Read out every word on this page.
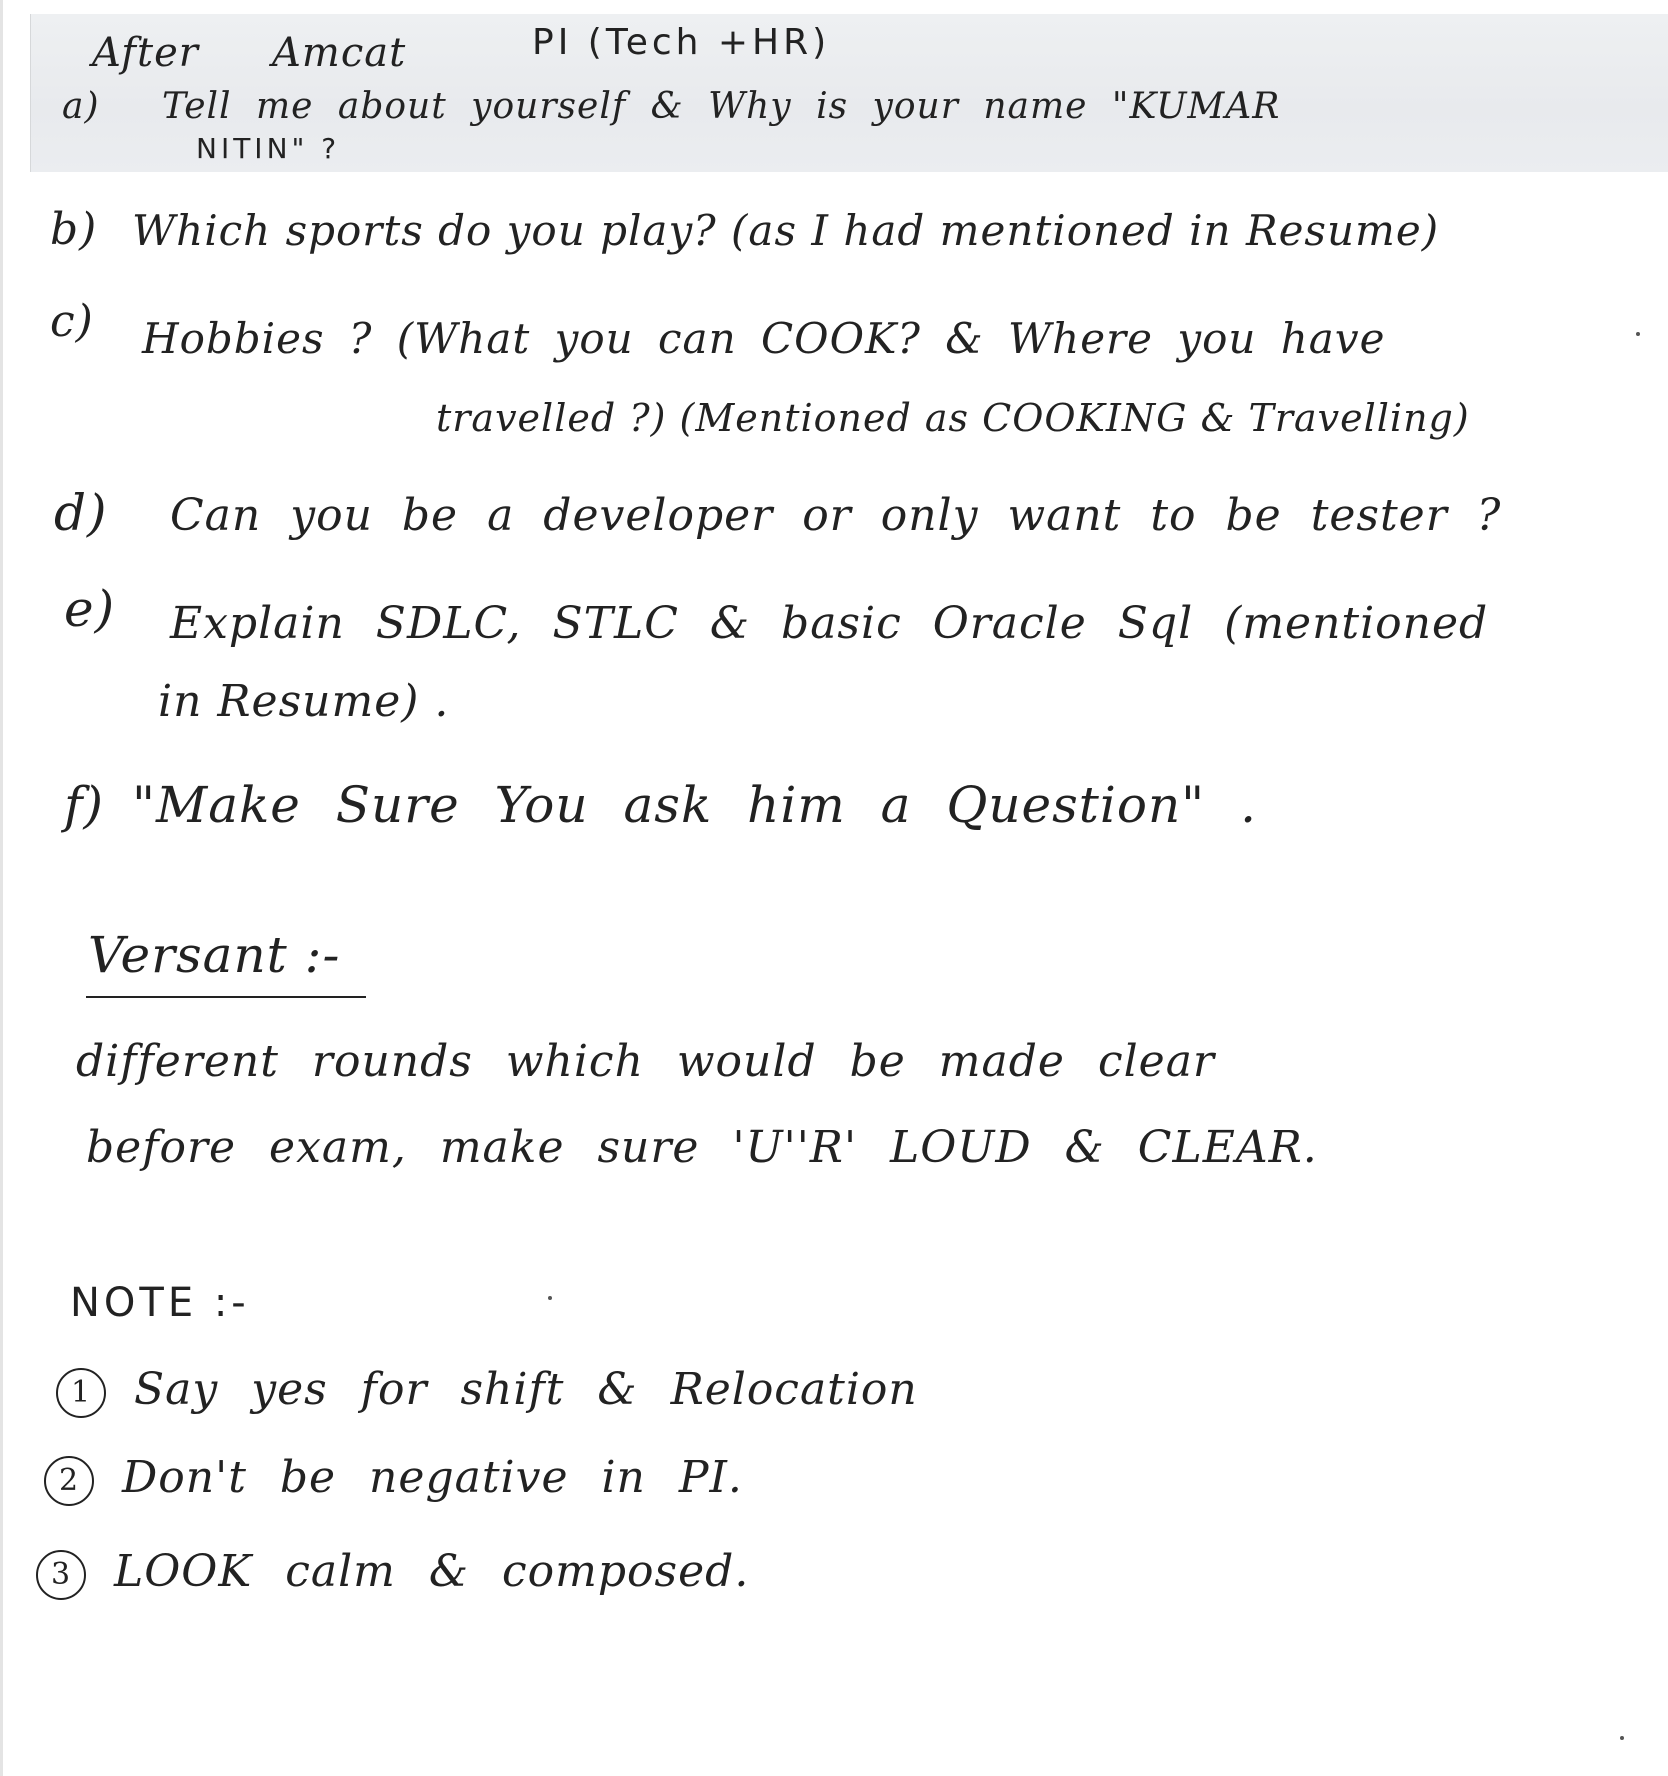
After Amcat	PI (Tech +HR)
a) Tell me about yourself & Why is your name "KUMAR
NITIN" ?
b) Which sports do you play? (as I had mentioned in Resume)
c) Hobbies ? (What you can COOK? & Where you have
travelled ?) (Mentioned as COOKING & Travelling)
d) Can you be a developer or only want to be tester ?
e) Explain SDLC, STLC & basic Oracle Sql (mentioned
in Resume) .
f) "Make Sure You ask him a Question" .
Versant :-
different rounds which would be made clear
before exam, make sure 'U''R' LOUD & CLEAR.
NOTE :-
1 Say yes for shift & Relocation
2 Don't be negative in PI.
3 LOOK calm & composed.
